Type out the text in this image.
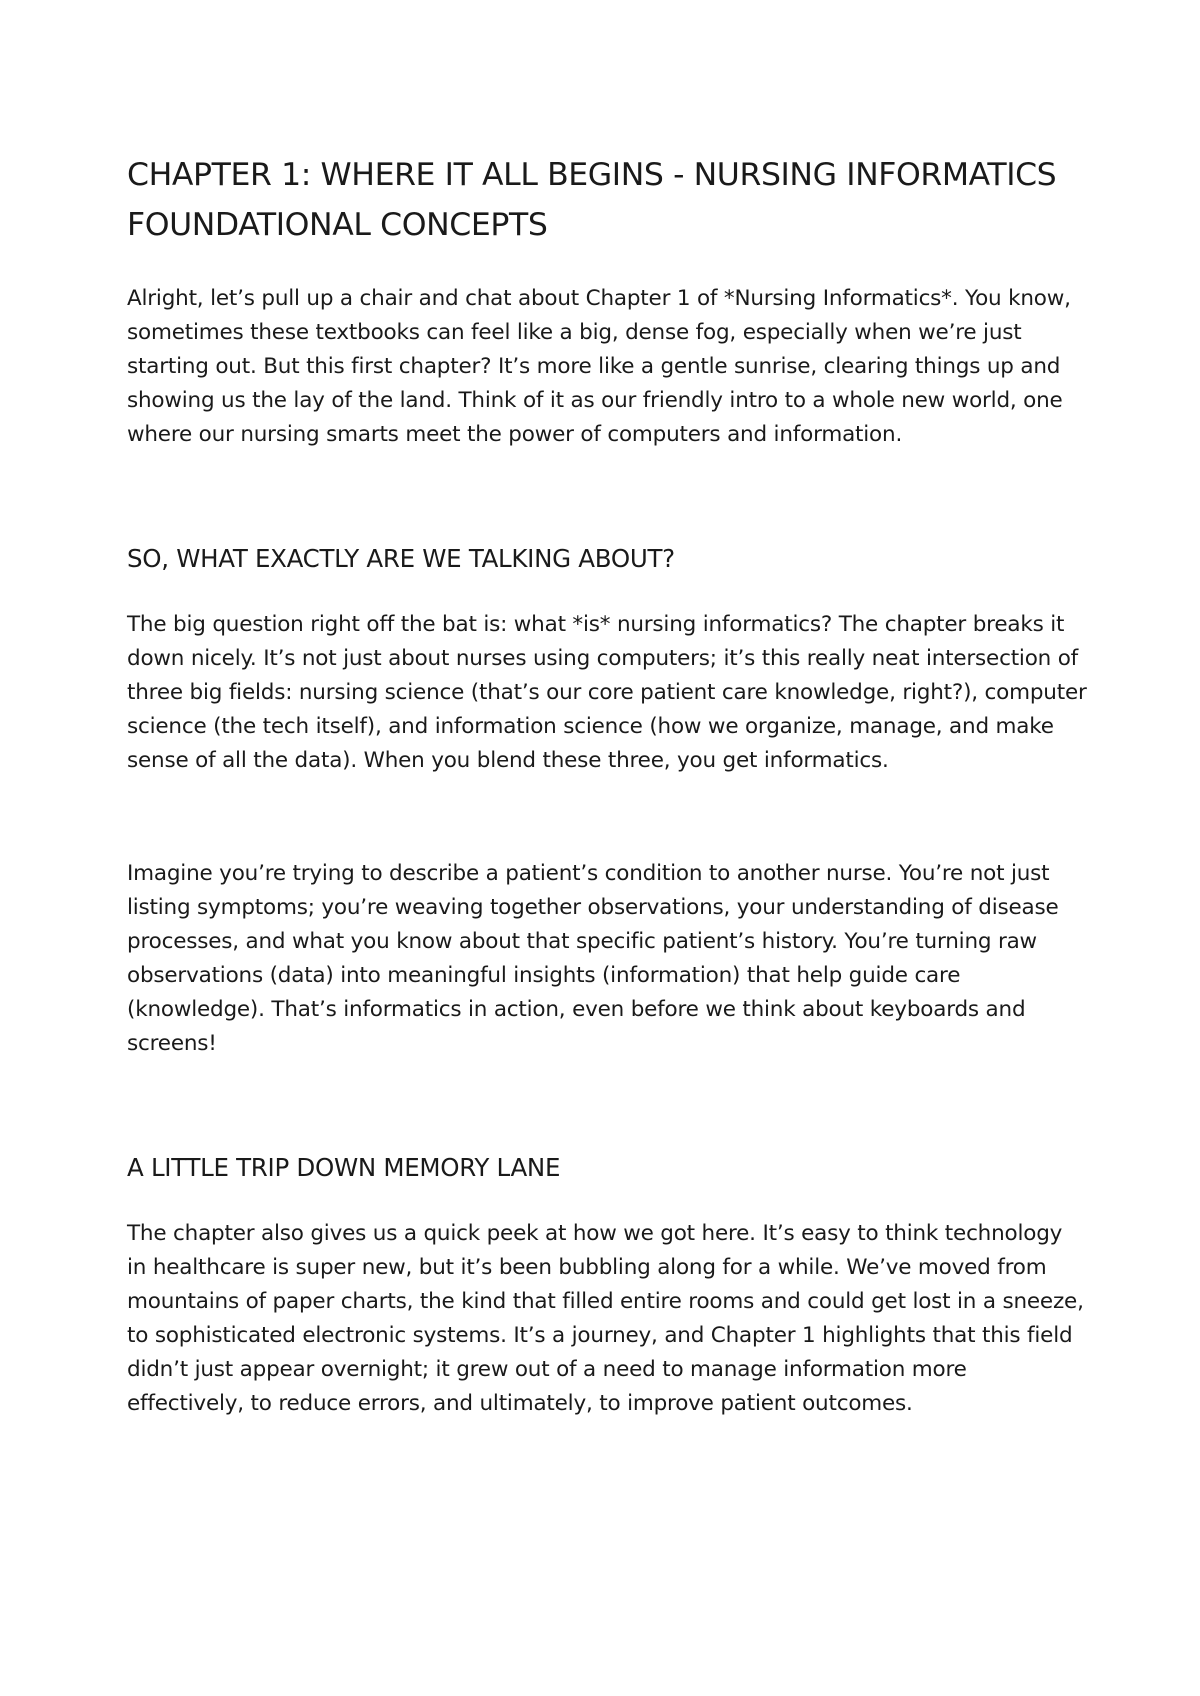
CHAPTER 1: WHERE IT ALL BEGINS - NURSING INFORMATICS FOUNDATIONAL CONCEPTS

Alright, let’s pull up a chair and chat about Chapter 1 of *Nursing Informatics*. You know, sometimes these textbooks can feel like a big, dense fog, especially when we’re just starting out. But this first chapter? It’s more like a gentle sunrise, clearing things up and showing us the lay of the land. Think of it as our friendly intro to a whole new world, one where our nursing smarts meet the power of computers and information.

SO, WHAT EXACTLY ARE WE TALKING ABOUT?

The big question right off the bat is: what *is* nursing informatics? The chapter breaks it down nicely. It’s not just about nurses using computers; it’s this really neat intersection of three big fields: nursing science (that’s our core patient care knowledge, right?), computer science (the tech itself), and information science (how we organize, manage, and make sense of all the data). When you blend these three, you get informatics.

Imagine you’re trying to describe a patient’s condition to another nurse. You’re not just listing symptoms; you’re weaving together observations, your understanding of disease processes, and what you know about that specific patient’s history. You’re turning raw observations (data) into meaningful insights (information) that help guide care (knowledge). That’s informatics in action, even before we think about keyboards and screens!

A LITTLE TRIP DOWN MEMORY LANE

The chapter also gives us a quick peek at how we got here. It’s easy to think technology in healthcare is super new, but it’s been bubbling along for a while. We’ve moved from mountains of paper charts, the kind that filled entire rooms and could get lost in a sneeze, to sophisticated electronic systems. It’s a journey, and Chapter 1 highlights that this field didn’t just appear overnight; it grew out of a need to manage information more effectively, to reduce errors, and ultimately, to improve patient outcomes.
